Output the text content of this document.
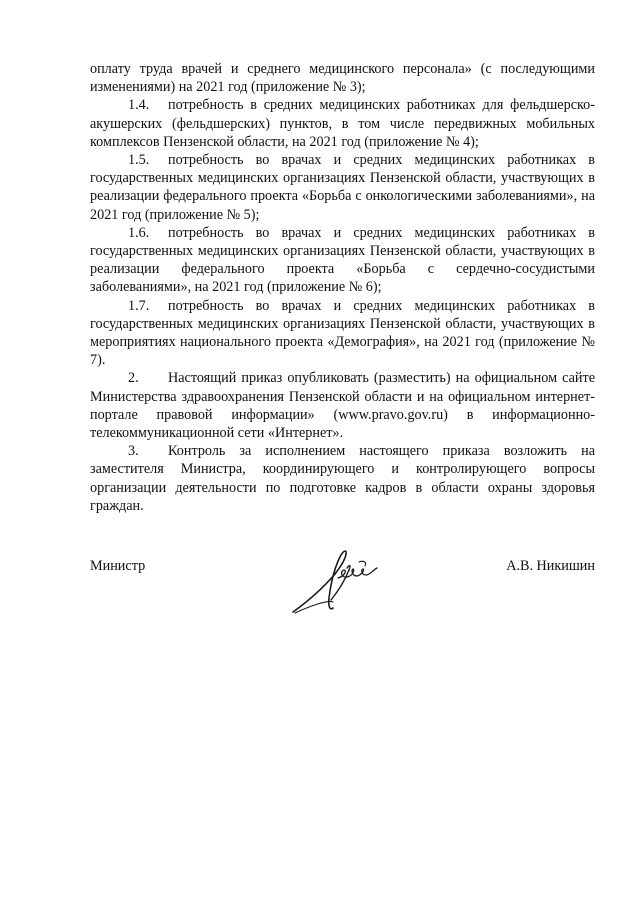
оплату труда врачей и среднего медицинского персонала» (с последующими изменениями) на 2021 год (приложение № 3);

1.4. потребность в средних медицинских работниках для фельдшерско-акушерских (фельдшерских) пунктов, в том числе передвижных мобильных комплексов Пензенской области, на 2021 год (приложение № 4);

1.5. потребность во врачах и средних медицинских работниках в государственных медицинских организациях Пензенской области, участвующих в реализации федерального проекта «Борьба с онкологическими заболеваниями», на 2021 год (приложение № 5);

1.6. потребность во врачах и средних медицинских работниках в государственных медицинских организациях Пензенской области, участвующих в реализации федерального проекта «Борьба с сердечно-сосудистыми заболеваниями», на 2021 год (приложение № 6);

1.7. потребность во врачах и средних медицинских работниках в государственных медицинских организациях Пензенской области, участвующих в мероприятиях национального проекта «Демография», на 2021 год (приложение № 7).

2. Настоящий приказ опубликовать (разместить) на официальном сайте Министерства здравоохранения Пензенской области и на официальном интернет-портале правовой информации» (www.pravo.gov.ru) в информационно-телекоммуникационной сети «Интернет».

3. Контроль за исполнением настоящего приказа возложить на заместителя Министра, координирующего и контролирующего вопросы организации деятельности по подготовке кадров в области охраны здоровья граждан.

Министр	А.В. Никишин
